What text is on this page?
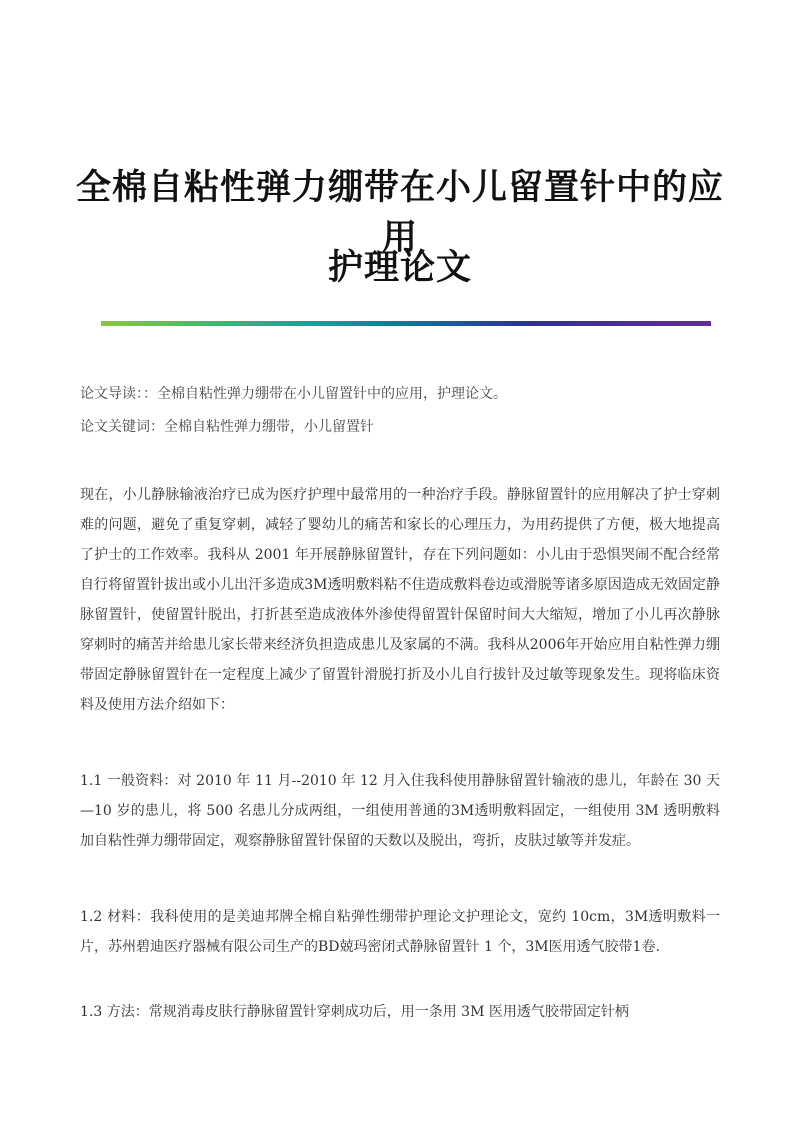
全棉自粘性弹力绷带在小儿留置针中的应用
护理论文

论文导读：：全棉自粘性弹力绷带在小儿留置针中的应用，护理论文。

论文关键词：全棉自粘性弹力绷带，小儿留置针

现在，小儿静脉输液治疗已成为医疗护理中最常用的一种治疗手段。静脉留置针的应用解决了护士穿刺难的问题，避免了重复穿刺，减轻了婴幼儿的痛苦和家长的心理压力，为用药提供了方便，极大地提高了护士的工作效率。我科从 2001 年开展静脉留置针，存在下列问题如：小儿由于恐惧哭闹不配合经常自行将留置针拔出或小儿出汗多造成3M透明敷料粘不住造成敷料卷边或滑脱等诸多原因造成无效固定静脉留置针，使留置针脱出，打折甚至造成液体外渗使得留置针保留时间大大缩短，增加了小儿再次静脉穿刺时的痛苦并给患儿家长带来经济负担造成患儿及家属的不满。我科从2006年开始应用自粘性弹力绷带固定静脉留置针在一定程度上减少了留置针滑脱打折及小儿自行拔针及过敏等现象发生。现将临床资料及使用方法介绍如下：

1.1 一般资料：对 2010 年 11 月--2010 年 12 月入住我科使用静脉留置针输液的患儿，年龄在 30 天—10 岁的患儿，将 500 名患儿分成两组，一组使用普通的3M透明敷料固定，一组使用 3M 透明敷料加自粘性弹力绷带固定，观察静脉留置针保留的天数以及脱出，弯折，皮肤过敏等并发症。

1.2 材料：我科使用的是美迪邦牌全棉自粘弹性绷带护理论文护理论文，宽约 10cm，3M透明敷料一片，苏州碧迪医疗器械有限公司生产的BD兢玛密闭式静脉留置针 1 个，3M医用透气胶带1卷.

1.3 方法：常规消毒皮肤行静脉留置针穿刺成功后，用一条用 3M 医用透气胶带固定针柄
